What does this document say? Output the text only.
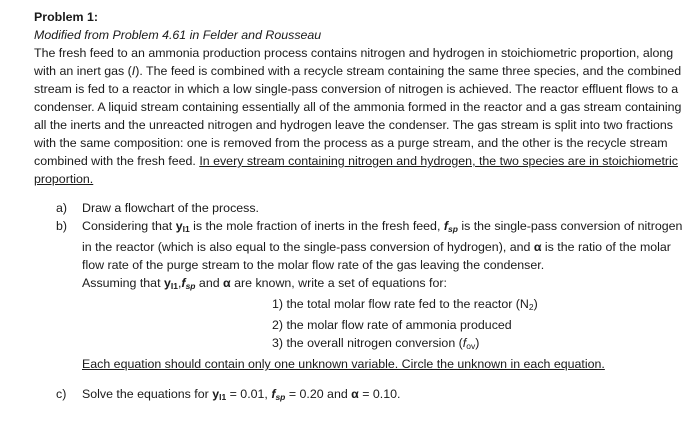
Problem 1:
Modified from Problem 4.61 in Felder and Rousseau
The fresh feed to an ammonia production process contains nitrogen and hydrogen in stoichiometric proportion, along with an inert gas (I). The feed is combined with a recycle stream containing the same three species, and the combined stream is fed to a reactor in which a low single-pass conversion of nitrogen is achieved. The reactor effluent flows to a condenser. A liquid stream containing essentially all of the ammonia formed in the reactor and a gas stream containing all the inerts and the unreacted nitrogen and hydrogen leave the condenser. The gas stream is split into two fractions with the same composition: one is removed from the process as a purge stream, and the other is the recycle stream combined with the fresh feed. In every stream containing nitrogen and hydrogen, the two species are in stoichiometric proportion.
a) Draw a flowchart of the process.
b) Considering that yI1 is the mole fraction of inerts in the fresh feed, fsp is the single-pass conversion of nitrogen in the reactor (which is also equal to the single-pass conversion of hydrogen), and α is the ratio of the molar flow rate of the purge stream to the molar flow rate of the gas leaving the condenser.
Assuming that yI1,fsp and α are known, write a set of equations for:
1) the total molar flow rate fed to the reactor (N2)
2) the molar flow rate of ammonia produced
3) the overall nitrogen conversion (fov)
Each equation should contain only one unknown variable. Circle the unknown in each equation.
c) Solve the equations for yI1 = 0.01, fsp = 0.20 and α = 0.10.
